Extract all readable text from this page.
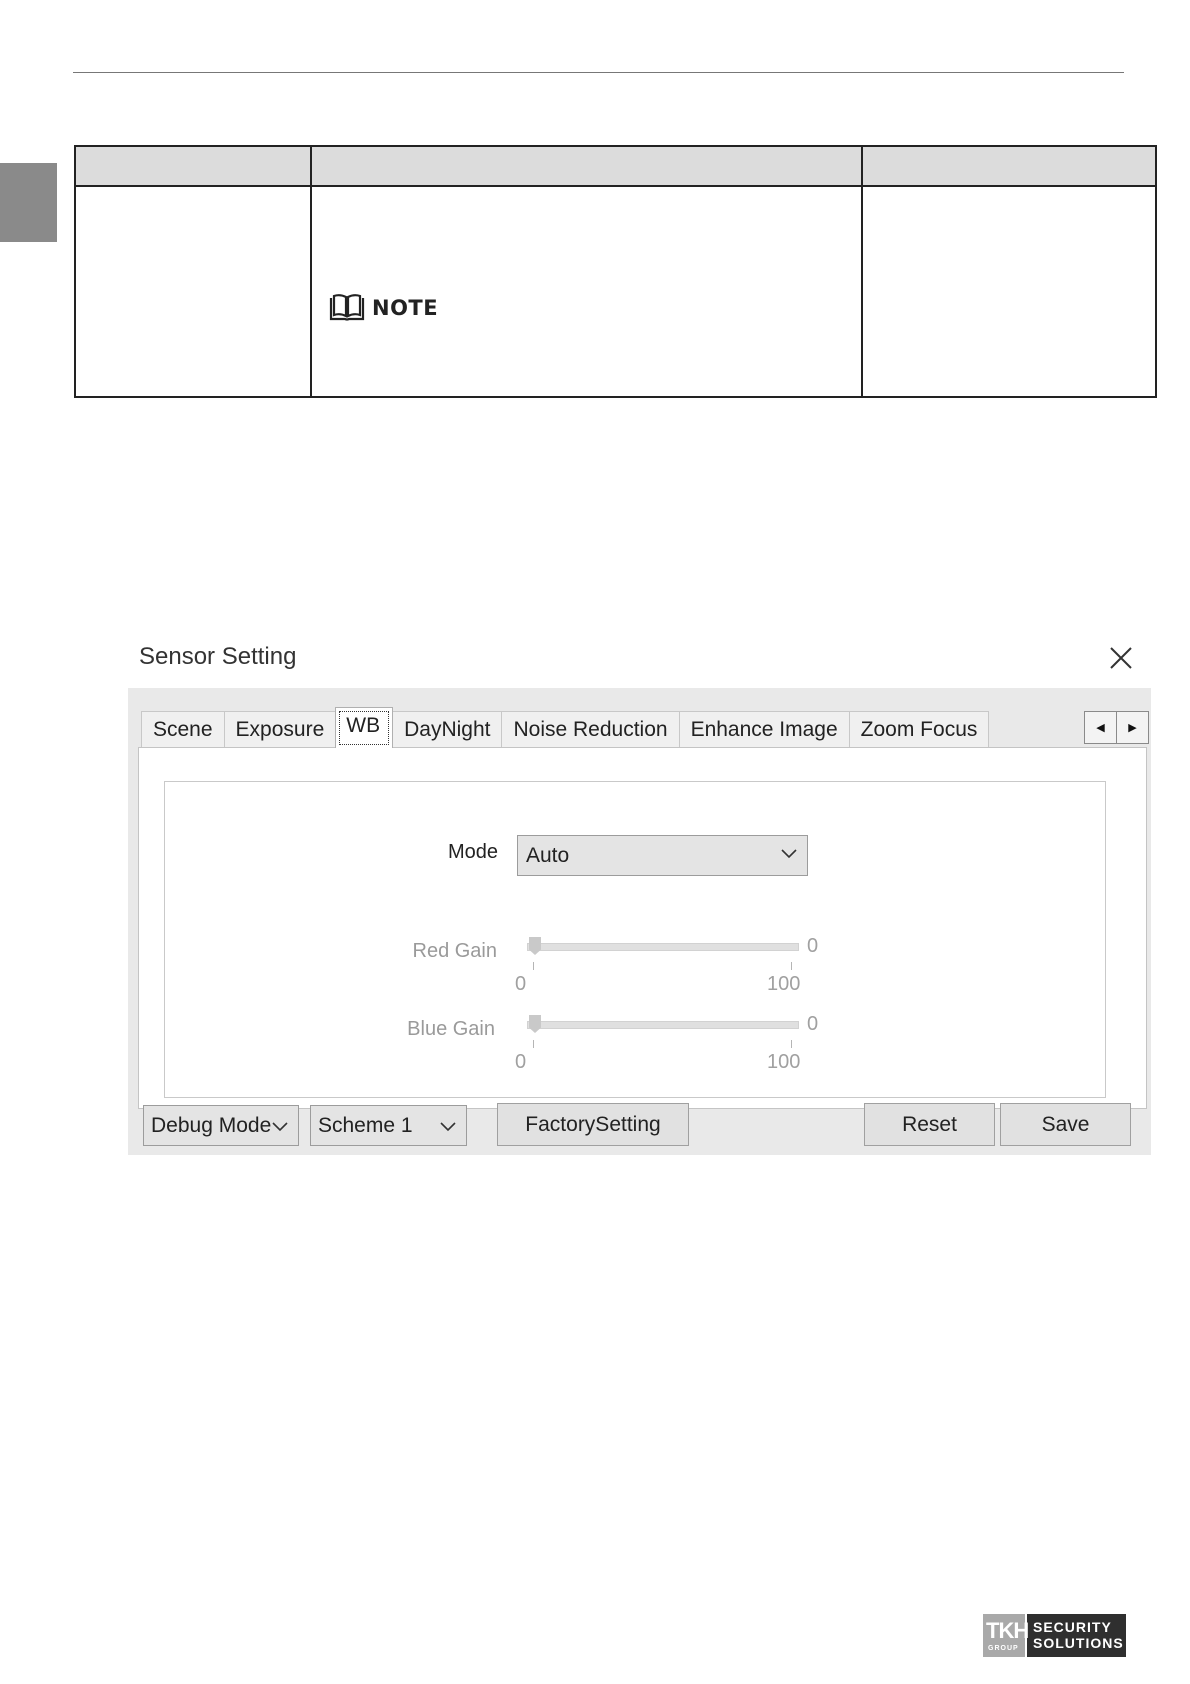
	NOTE	

Sensor Setting
Scene	Exposure	WB	DayNight	Noise Reduction	Enhance Image	Zoom Focus	◀ ▶
Mode Auto
Red Gain	0
0	100
Blue Gain	0
0	100
Debug Mode Scheme 1	FactorySetting	Reset	Save
TKH
GROUP
SECURITY
SOLUTIONS
